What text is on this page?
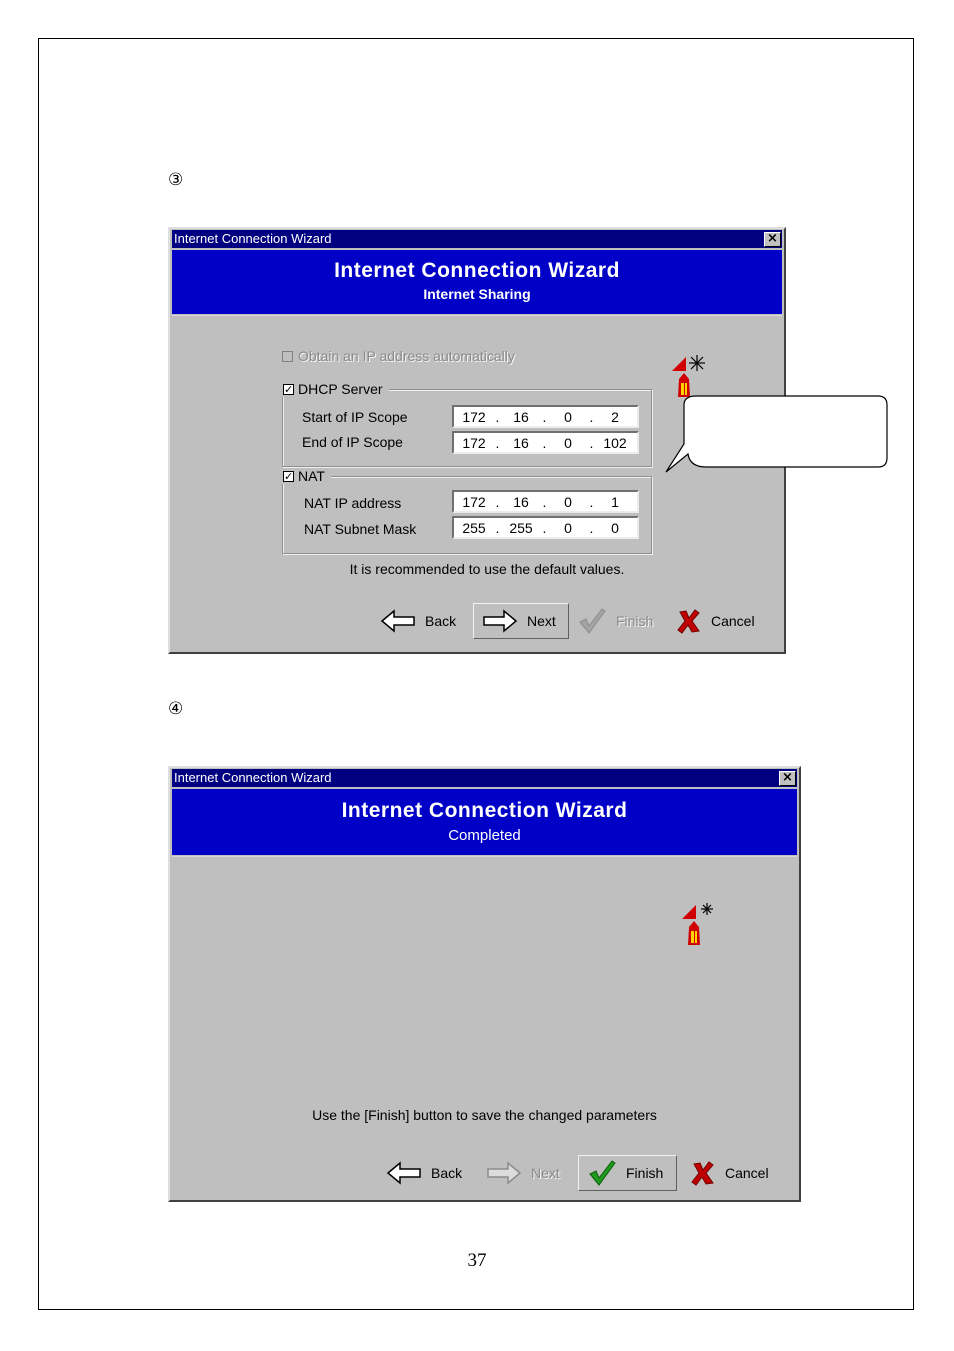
③
Internet Connection Wizard	×
Internet Connection Wizard
Internet Sharing
Obtain an IP address automatically
✓ DHCP Server
Start of IP Scope	172 . 16 .	0	.	2
End of IP Scope	172 . 16 .	0	. 102
✓ NAT
NAT IP address	172 . 16 .	0	.	1
NAT Subnet Mask	255 . 255 .	0	.	0
It is recommended to use the default values.
Back	Next	Finish	Cancel
④
Internet Connection Wizard	×
Internet Connection Wizard
Completed
Use the [Finish] button to save the changed parameters
Back	Next	Finish	Cancel
37
